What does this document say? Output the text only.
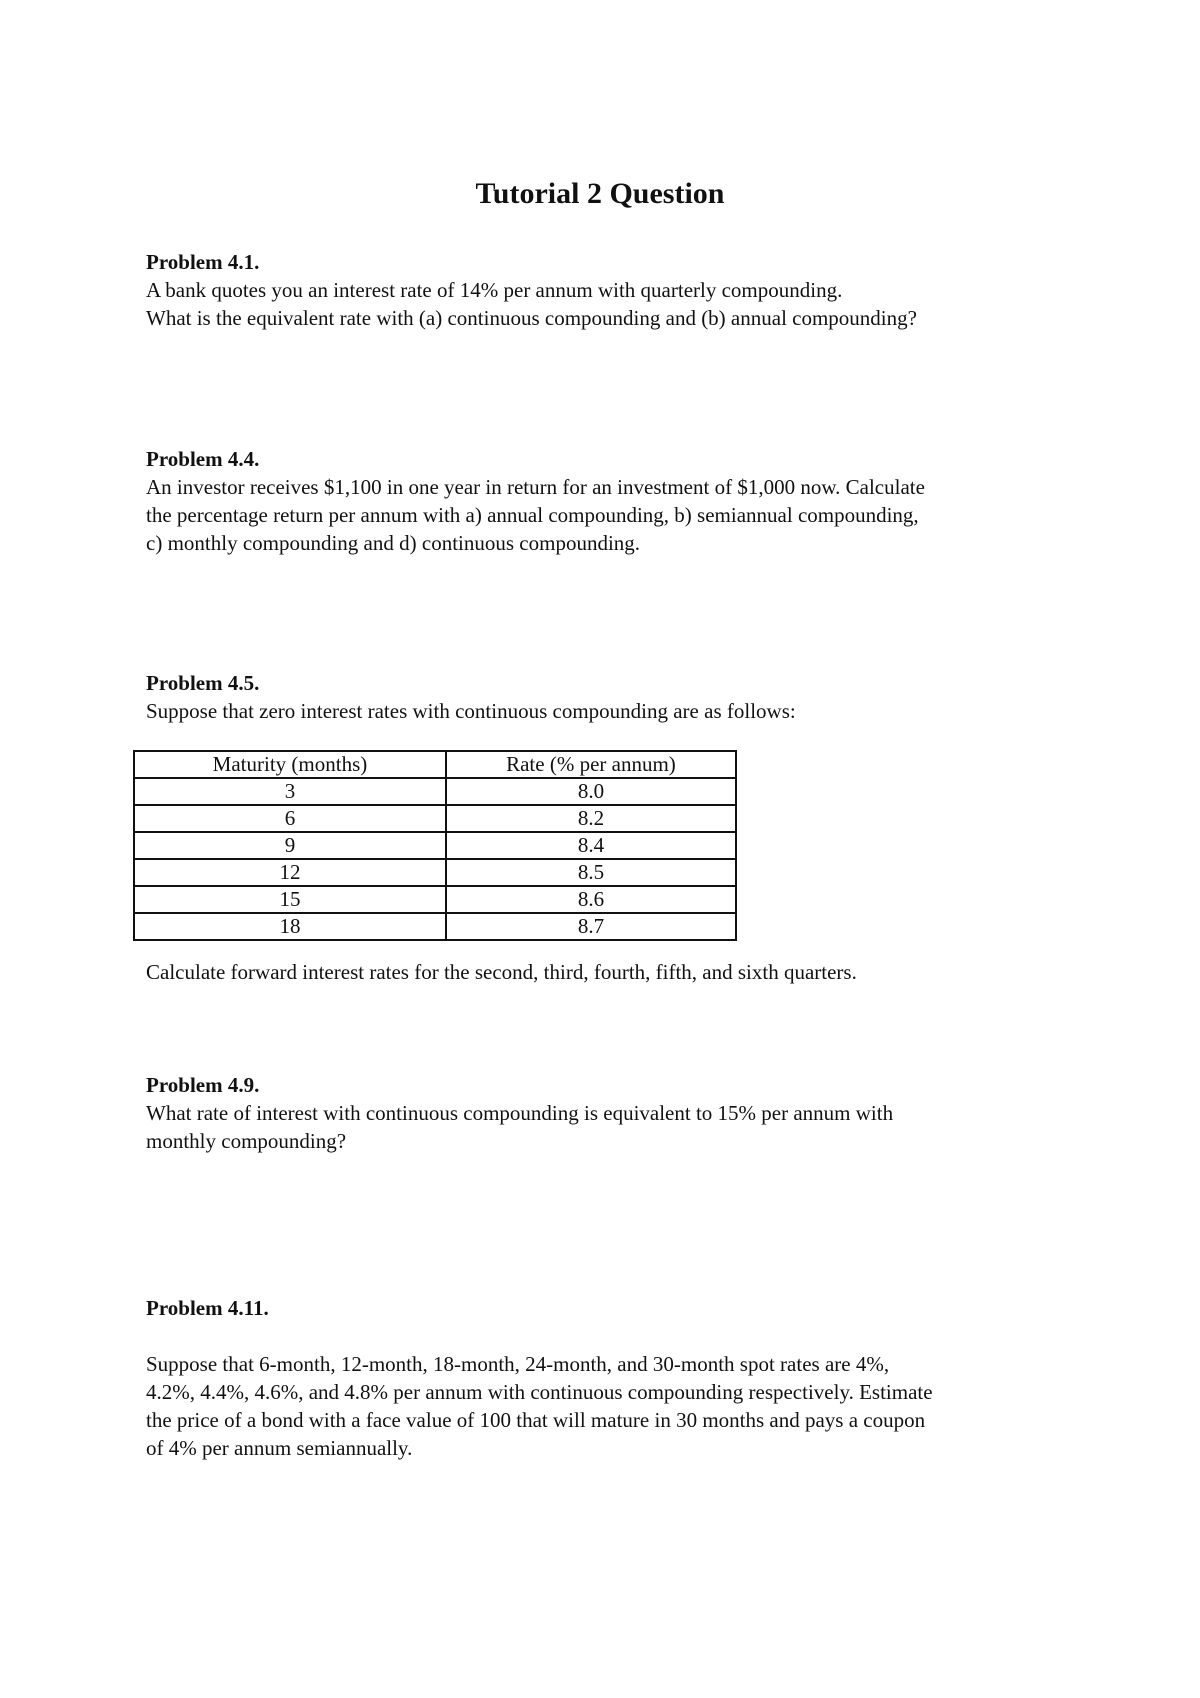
Tutorial 2 Question
Problem 4.1.
A bank quotes you an interest rate of 14% per annum with quarterly compounding.
What is the equivalent rate with (a) continuous compounding and (b) annual compounding?
Problem 4.4.
An investor receives $1,100 in one year in return for an investment of $1,000 now. Calculate
the percentage return per annum with a) annual compounding, b) semiannual compounding,
c) monthly compounding and d) continuous compounding.
Problem 4.5.
Suppose that zero interest rates with continuous compounding are as follows:
Maturity (months)	Rate (% per annum)
3	8.0
6	8.2
9	8.4
12	8.5
15	8.6
18	8.7
Calculate forward interest rates for the second, third, fourth, fifth, and sixth quarters.
Problem 4.9.
What rate of interest with continuous compounding is equivalent to 15% per annum with
monthly compounding?
Problem 4.11.
Suppose that 6-month, 12-month, 18-month, 24-month, and 30-month spot rates are 4%,
4.2%, 4.4%, 4.6%, and 4.8% per annum with continuous compounding respectively. Estimate
the price of a bond with a face value of 100 that will mature in 30 months and pays a coupon
of 4% per annum semiannually.
